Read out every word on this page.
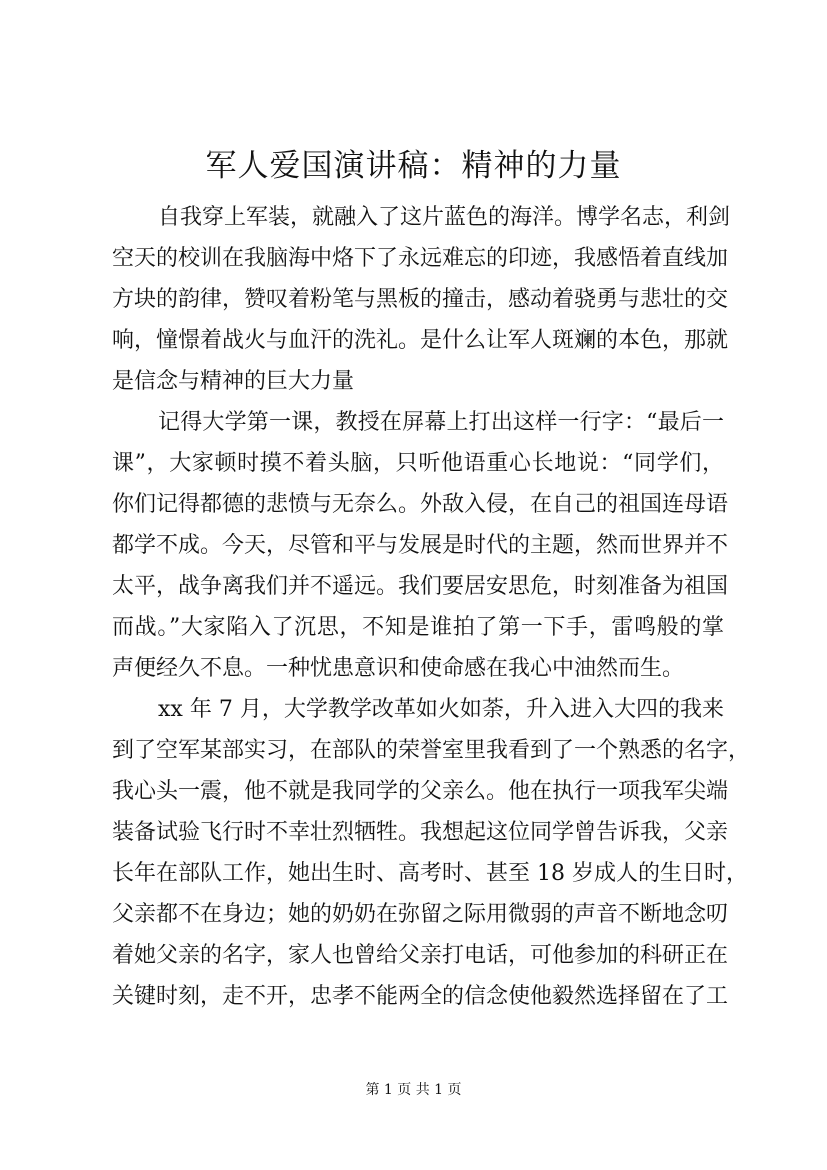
军人爱国演讲稿：精神的力量
自我穿上军装，就融入了这片蓝色的海洋。博学名志，利剑
空天的校训在我脑海中烙下了永远难忘的印迹，我感悟着直线加
方块的韵律，赞叹着粉笔与黑板的撞击，感动着骁勇与悲壮的交
响，憧憬着战火与血汗的洗礼。是什么让军人斑斓的本色，那就
是信念与精神的巨大力量
记得大学第一课，教授在屏幕上打出这样一行字：“最后一
课”，大家顿时摸不着头脑，只听他语重心长地说：“同学们，
你们记得都德的悲愤与无奈么。外敌入侵，在自己的祖国连母语
都学不成。今天，尽管和平与发展是时代的主题，然而世界并不
太平，战争离我们并不遥远。我们要居安思危，时刻准备为祖国
而战。”大家陷入了沉思，不知是谁拍了第一下手，雷鸣般的掌
声便经久不息。一种忧患意识和使命感在我心中油然而生。
xx 年 7 月，大学教学改革如火如荼，升入进入大四的我来
到了空军某部实习，在部队的荣誉室里我看到了一个熟悉的名字，
我心头一震，他不就是我同学的父亲么。他在执行一项我军尖端
装备试验飞行时不幸壮烈牺牲。我想起这位同学曾告诉我，父亲
长年在部队工作，她出生时、高考时、甚至 18 岁成人的生日时，
父亲都不在身边；她的奶奶在弥留之际用微弱的声音不断地念叨
着她父亲的名字，家人也曾给父亲打电话，可他参加的科研正在
关键时刻，走不开，忠孝不能两全的信念使他毅然选择留在了工
第 1 页 共 1 页
